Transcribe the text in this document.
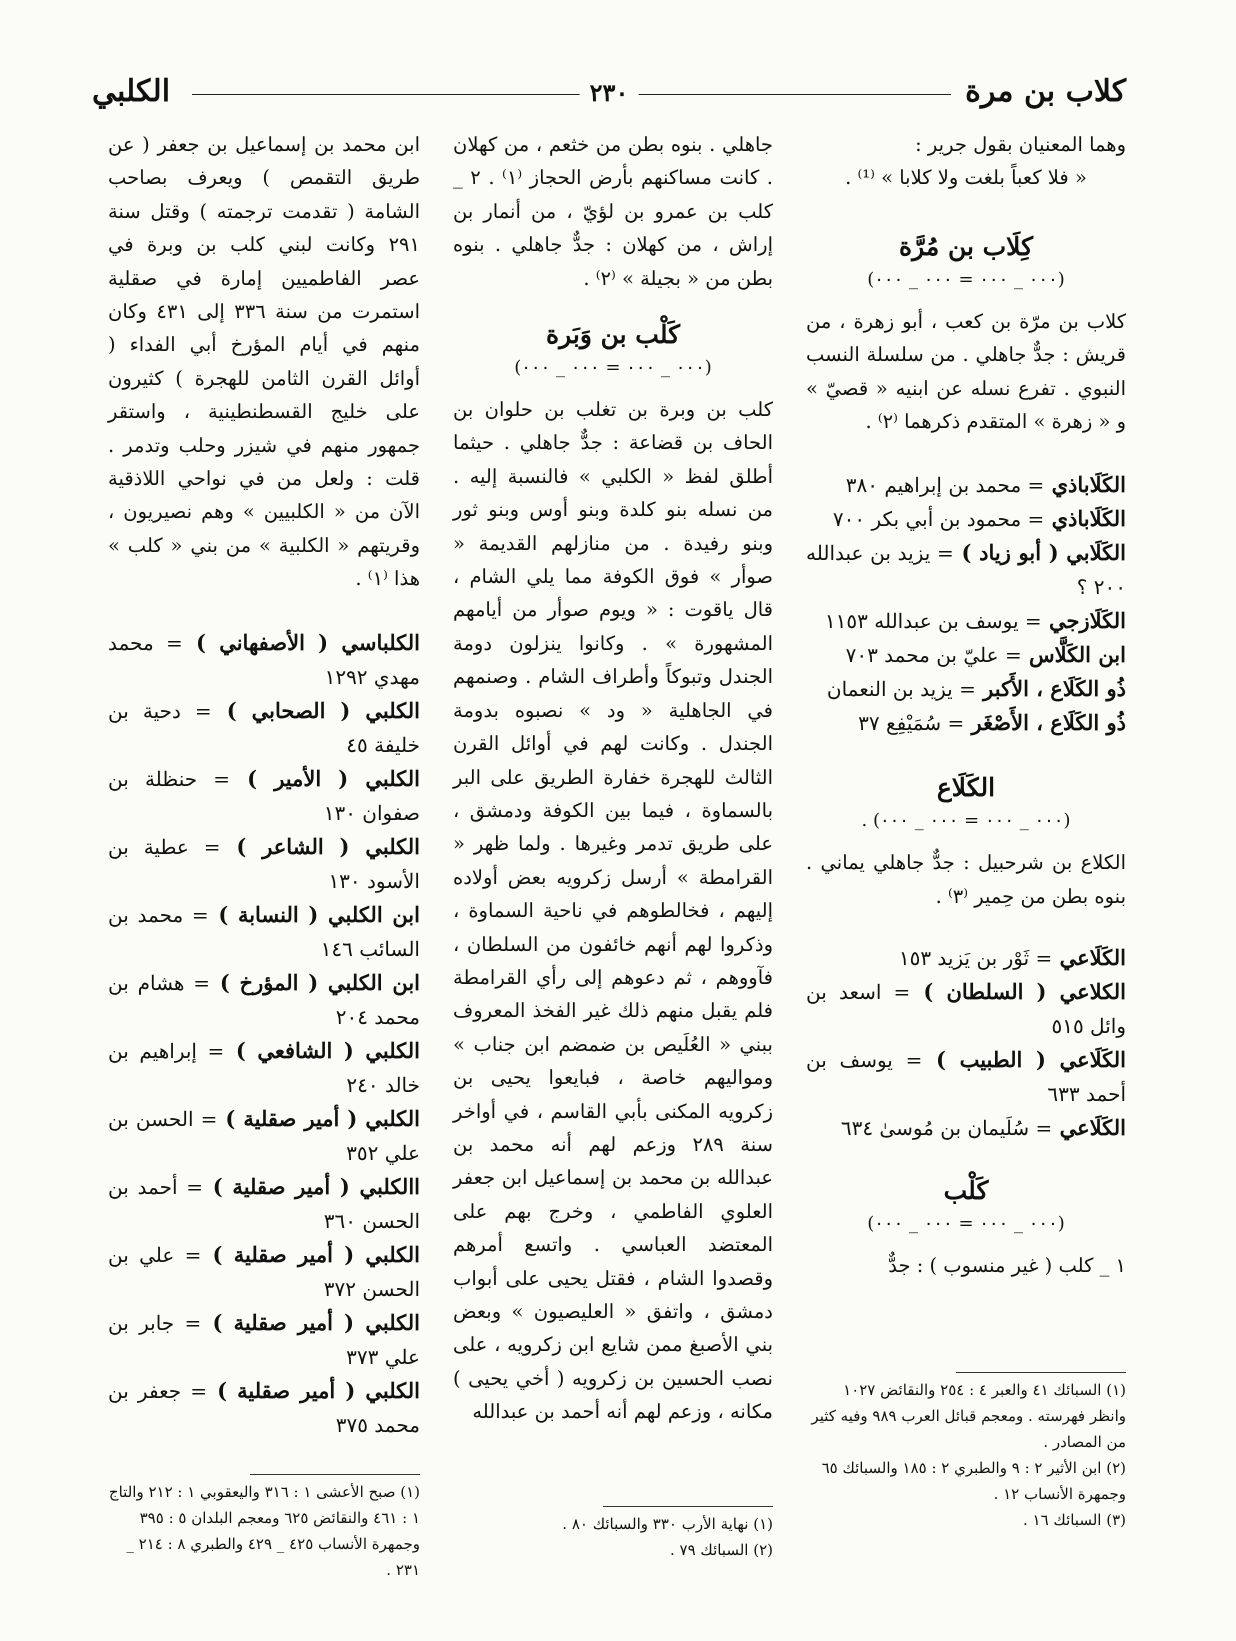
كلاب بن مرة
٢٣٠
الكلبي

وهما المعنيان بقول جرير :

« فلا كعباً بلغت ولا كلابا » ⁽¹⁾ .

كِلَاب بن مُرَّة
(٠٠٠ _ ٠٠٠ = ٠٠٠ _ ٠٠٠)

كلاب بن مرّة بن كعب ، أبو زهرة ، من قريش : جدٌّ جاهلي . من سلسلة النسب النبوي . تفرع نسله عن ابنيه « قصيّ » و « زهرة » المتقدم ذكرهما ⁽٢⁾ .

الكَلَاباذي = محمد بن إبراهيم ٣٨٠
الكَلَاباذي = محمود بن أبي بكر ٧٠٠
الكَلَابي ( أبو زياد ) = يزيد بن عبدالله ٢٠٠ ؟
الكَلَازجي = يوسف بن عبدالله ١١٥٣
ابن الكَلَّاس = عليّ بن محمد ٧٠٣
ذُو الكَلَاع ، الأَكبر = يزيد بن النعمان
ذُو الكَلَاع ، الأَصْغَر = سُمَيْفِع ٣٧
الكَلَاع
. (٠٠٠ _ ٠٠٠ = ٠٠٠ _ ٠٠٠)

الكلاع بن شرحبيل : جدٌّ جاهلي يماني . بنوه بطن من حِمير ⁽٣⁾ .

الكَلَاعي = ثَوْر بن يَزيد ١٥٣
الكلاعي ( السلطان ) = اسعد بن وائل ٥١٥
الكَلَاعي ( الطبيب ) = يوسف بن أحمد ٦٣٣
الكَلَاعي = سُلَيمان بن مُوسىٰ ٦٣٤
كَلْب
(٠٠٠ _ ٠٠٠ = ٠٠٠ _ ٠٠٠)

١ _ كلب ( غير منسوب ) : جدٌّ

(١) السبائك ٤١ والعبر ٤ : ٢٥٤ والنقائض ١٠٢٧ وانظر فهرسته . ومعجم قبائل العرب ٩٨٩ وفيه كثير من المصادر .
(٢) ابن الأثير ٢ : ٩ والطبري ٢ : ١٨٥ والسبائك ٦٥ وجمهرة الأنساب ١٢ .
(٣) السبائك ١٦ .

جاهلي . بنوه بطن من خثعم ، من كهلان . كانت مساكنهم بأرض الحجاز ⁽١⁾ . ٢ _ كلب بن عمرو بن لؤيّ ، من أنمار بن إراش ، من كهلان : جدٌّ جاهلي . بنوه بطن من « بجيلة » ⁽٢⁾ .

كَلْب بن وَبَرة
(٠٠٠ _ ٠٠٠ = ٠٠٠ _ ٠٠٠)

كلب بن وبرة بن تغلب بن حلوان بن الحاف بن قضاعة : جدٌّ جاهلي . حيثما أطلق لفظ « الكلبي » فالنسبة إليه . من نسله بنو كلدة وبنو أوس وبنو ثور وبنو رفيدة . من منازلهم القديمة « صوأر » فوق الكوفة مما يلي الشام ، قال ياقوت : « ويوم صوأر من أيامهم المشهورة » . وكانوا ينزلون دومة الجندل وتبوكاً وأطراف الشام . وصنمهم في الجاهلية « ود » نصبوه بدومة الجندل . وكانت لهم في أوائل القرن الثالث للهجرة خفارة الطريق على البر بالسماوة ، فيما بين الكوفة ودمشق ، على طريق تدمر وغيرها . ولما ظهر « القرامطة » أرسل زكرويه بعض أولاده إليهم ، فخالطوهم في ناحية السماوة ، وذكروا لهم أنهم خائفون من السلطان ، فآووهم ، ثم دعوهم إلى رأي القرامطة فلم يقبل منهم ذلك غير الفخذ المعروف ببني « العُلَيص بن ضمضم ابن جناب » ومواليهم خاصة ، فبايعوا يحيى بن زكرويه المكنى بأبي القاسم ، في أواخر سنة ٢٨٩ وزعم لهم أنه محمد بن عبدالله بن محمد بن إسماعيل ابن جعفر العلوي الفاطمي ، وخرج بهم على المعتضد العباسي . واتسع أمرهم وقصدوا الشام ، فقتل يحيى على أبواب دمشق ، واتفق « العليصيون » وبعض بني الأصبغ ممن شايع ابن زكرويه ، على نصب الحسين بن زكرويه ( أخي يحيى ) مكانه ، وزعم لهم أنه أحمد بن عبدالله

(١) نهاية الأرب ٣٣٠ والسبائك ٨٠ .
(٢) السبائك ٧٩ .

ابن محمد بن إسماعيل بن جعفر ( عن طريق التقمص ) ويعرف بصاحب الشامة ( تقدمت ترجمته ) وقتل سنة ٢٩١ وكانت لبني كلب بن وبرة في عصر الفاطميين إمارة في صقلية استمرت من سنة ٣٣٦ إلى ٤٣١ وكان منهم في أيام المؤرخ أبي الفداء ( أوائل القرن الثامن للهجرة ) كثيرون على خليج القسطنطينية ، واستقر جمهور منهم في شيزر وحلب وتدمر . قلت : ولعل من في نواحي اللاذقية الآن من « الكلبيين » وهم نصيريون ، وقريتهم « الكلبية » من بني « كلب » هذا ⁽١⁾ .

الكلباسي ( الأصفهاني ) = محمد مهدي ١٢٩٢
الكلبي ( الصحابي ) = دحية بن خليفة ٤٥
الكلبي ( الأمير ) = حنظلة بن صفوان ١٣٠
الكلبي ( الشاعر ) = عطية بن الأسود ١٣٠
ابن الكلبي ( النسابة ) = محمد بن السائب ١٤٦
ابن الكلبي ( المؤرخ ) = هشام بن محمد ٢٠٤
الكلبي ( الشافعي ) = إبراهيم بن خالد ٢٤٠
الكلبي ( أمير صقلية ) = الحسن بن علي ٣٥٢
االكلبي ( أمير صقلية ) = أحمد بن الحسن ٣٦٠
الكلبي ( أمير صقلية ) = علي بن الحسن ٣٧٢
الكلبي ( أمير صقلية ) = جابر بن علي ٣٧٣
الكلبي ( أمير صقلية ) = جعفر بن محمد ٣٧٥
(١) صبح الأعشى ١ : ٣١٦ واليعقوبي ١ : ٢١٢ والتاج ١ : ٤٦١ والنقائض ٦٢٥ ومعجم البلدان ٥ : ٣٩٥ وجمهرة الأنساب ٤٢٥ _ ٤٢٩ والطبري ٨ : ٢١٤ _ ٢٣١ .
